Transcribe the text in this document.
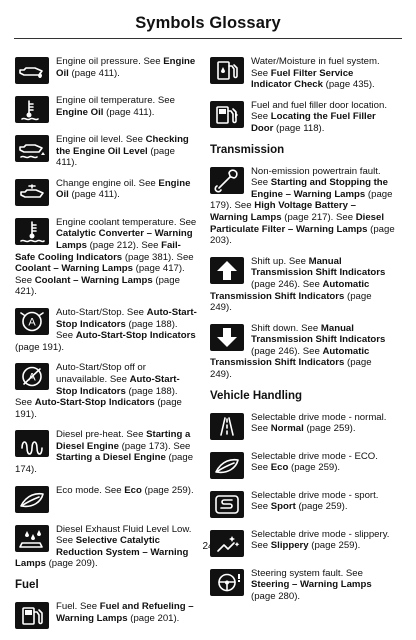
Symbols Glossary
Engine oil pressure. See Engine Oil (page 411).
Engine oil temperature. See Engine Oil (page 411).
Engine oil level. See Checking the Engine Oil Level (page 411).
Change engine oil. See Engine Oil (page 411).
Engine coolant temperature. See Catalytic Converter – Warning Lamps (page 212). See Fail-Safe Cooling Indicators (page 381). See Coolant – Warning Lamps (page 417). See Coolant – Warning Lamps (page 421).
A
Auto-Start/Stop. See Auto-Start-Stop Indicators (page 188). See Auto-Start-Stop Indicators (page 191).
A
Auto-Start/Stop off or unavailable. See Auto-Start-Stop Indicators (page 188). See Auto-Start-Stop Indicators (page 191).
Diesel pre-heat. See Starting a Diesel Engine (page 173). See Starting a Diesel Engine (page 174).
Eco mode. See Eco (page 259).
Diesel Exhaust Fluid Level Low. See Selective Catalytic Reduction System – Warning Lamps (page 209).
Fuel
Fuel. See Fuel and Refueling – Warning Lamps (page 201).
Water/Moisture in fuel system. See Fuel Filter Service Indicator Check (page 435).
Fuel and fuel filler door location. See Locating the Fuel Filler Door (page 118).
Transmission
Non-emission powertrain fault. See Starting and Stopping the Engine – Warning Lamps (page 179). See High Voltage Battery – Warning Lamps (page 217). See Diesel Particulate Filter – Warning Lamps (page 203).
Shift up. See Manual Transmission Shift Indicators (page 246). See Automatic Transmission Shift Indicators (page 249).
Shift down. See Manual Transmission Shift Indicators (page 246). See Automatic Transmission Shift Indicators (page 249).
Vehicle Handling
Selectable drive mode - normal. See Normal (page 259).
Selectable drive mode - ECO. See Eco (page 259).
Selectable drive mode - sport. See Sport (page 259).
Selectable drive mode - slippery. See Slippery (page 259).
Steering system fault. See Steering – Warning Lamps (page 280).
24
